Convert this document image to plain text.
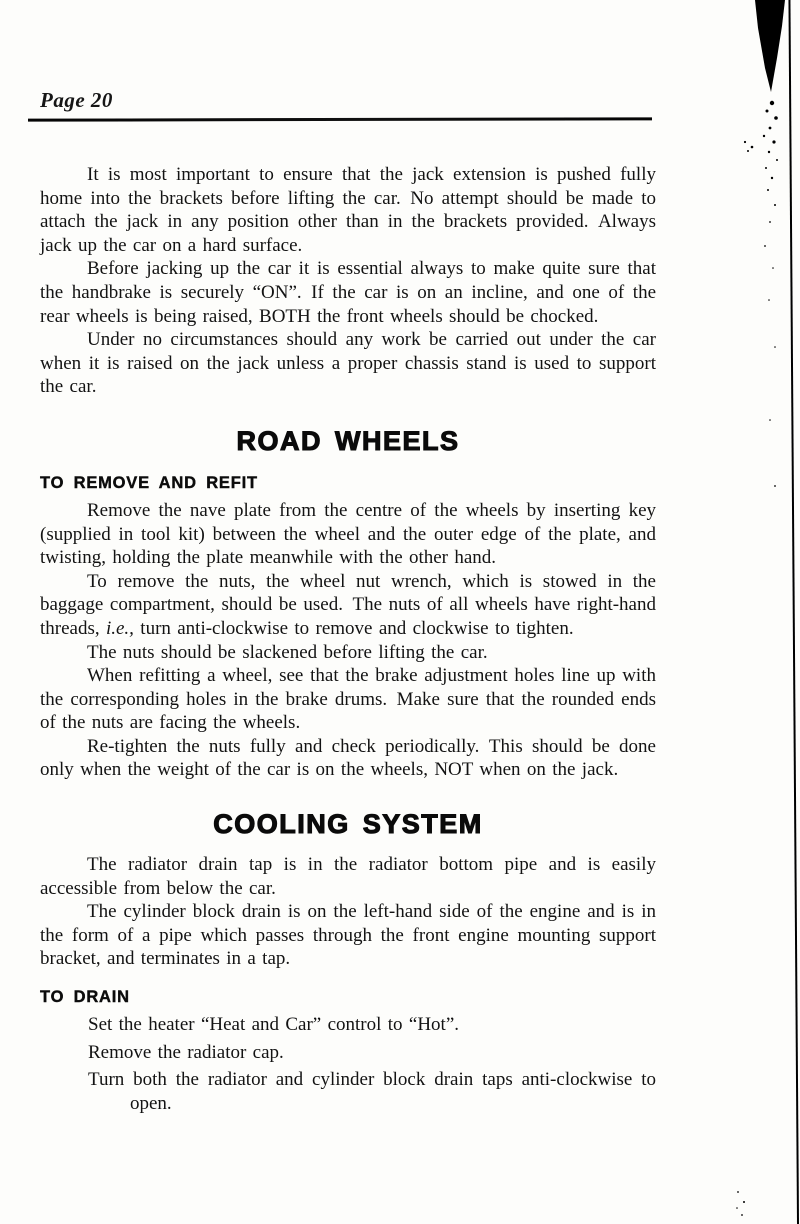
Page 20

It is most important to ensure that the jack extension is pushed fully home into the brackets before lifting the car. No attempt should be made to attach the jack in any position other than in the brackets provided. Always jack up the car on a hard surface.

Before jacking up the car it is essential always to make quite sure that the handbrake is securely “ON”. If the car is on an incline, and one of the rear wheels is being raised, BOTH the front wheels should be chocked.

Under no circumstances should any work be carried out under the car when it is raised on the jack unless a proper chassis stand is used to support the car.

ROAD WHEELS
TO REMOVE AND REFIT

Remove the nave plate from the centre of the wheels by inserting key (supplied in tool kit) between the wheel and the outer edge of the plate, and twisting, holding the plate meanwhile with the other hand.

To remove the nuts, the wheel nut wrench, which is stowed in the baggage compartment, should be used. The nuts of all wheels have right-hand threads, i.e., turn anti-clockwise to remove and clockwise to tighten.

The nuts should be slackened before lifting the car.

When refitting a wheel, see that the brake adjustment holes line up with the corresponding holes in the brake drums. Make sure that the rounded ends of the nuts are facing the wheels.

Re-tighten the nuts fully and check periodically. This should be done only when the weight of the car is on the wheels, NOT when on the jack.

COOLING SYSTEM

The radiator drain tap is in the radiator bottom pipe and is easily accessible from below the car.

The cylinder block drain is on the left-hand side of the engine and is in the form of a pipe which passes through the front engine mounting support bracket, and terminates in a tap.

TO DRAIN

Set the heater “Heat and Car” control to “Hot”.

Remove the radiator cap.

Turn both the radiator and cylinder block drain taps anti-clockwise to open.
